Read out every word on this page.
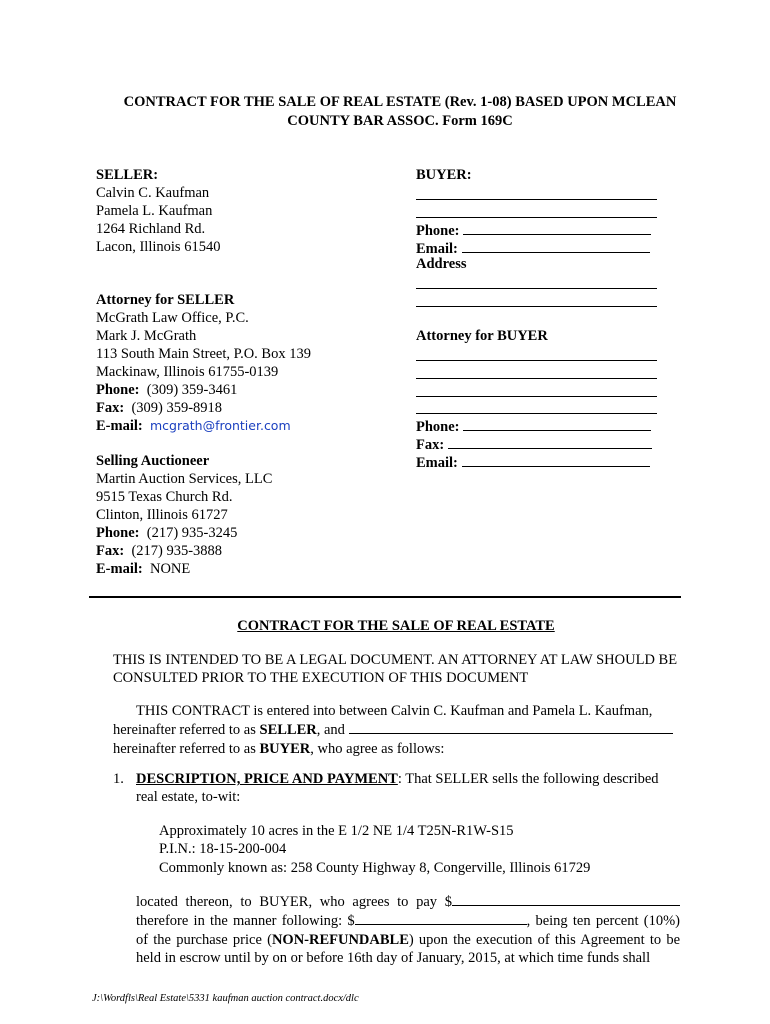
CONTRACT FOR THE SALE OF REAL ESTATE (Rev. 1-08) BASED UPON MCLEAN
COUNTY BAR ASSOC. Form 169C
SELLER:
Calvin C. Kaufman
Pamela L. Kaufman
1264 Richland Rd.
Lacon, Illinois 61540
Attorney for SELLER
McGrath Law Office, P.C.
Mark J. McGrath
113 South Main Street, P.O. Box 139
Mackinaw, Illinois 61755-0139
Phone: (309) 359-3461
Fax: (309) 359-8918
E-mail: mcgrath@frontier.com
Selling Auctioneer
Martin Auction Services, LLC
9515 Texas Church Rd.
Clinton, Illinois 61727
Phone: (217) 935-3245
Fax: (217) 935-3888
E-mail: NONE
BUYER:
Phone:
Email:
Address
Attorney for BUYER
Phone:
Fax:
Email:
CONTRACT FOR THE SALE OF REAL ESTATE
THIS IS INTENDED TO BE A LEGAL DOCUMENT. AN ATTORNEY AT LAW SHOULD BE CONSULTED PRIOR TO THE EXECUTION OF THIS DOCUMENT
THIS CONTRACT is entered into between Calvin C. Kaufman and Pamela L. Kaufman, hereinafter referred to as SELLER, and  hereinafter referred to as BUYER, who agree as follows:
1. DESCRIPTION, PRICE AND PAYMENT: That SELLER sells the following described real estate, to-wit:
Approximately 10 acres in the E 1/2 NE 1/4 T25N-R1W-S15
P.I.N.: 18-15-200-004
Commonly known as: 258 County Highway 8, Congerville, Illinois 61729
located thereon, to BUYER, who agrees to pay $ therefore in the manner following: $	, being ten percent (10%) of the purchase price (NON-REFUNDABLE) upon the execution of this Agreement to be held in escrow until by on or before 16th day of January, 2015, at which time funds shall
J:\Wordfls\Real Estate\5331 kaufman auction contract.docx/dlc
